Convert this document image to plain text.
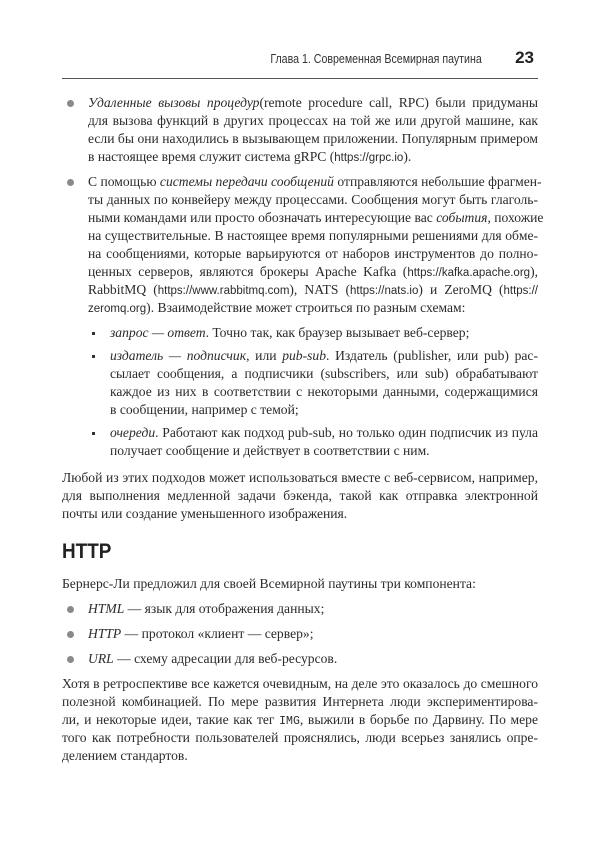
Глава 1. Современная Всемирная паутина 23
Удаленные вызовы процедур(remote procedure call, RPC) были придуманы
для вызова функций в других процессах на той же или другой машине, как
если бы они находились в вызывающем приложении. Популярным примером
в настоящее время служит система gRPC (https://grpc.io).
С помощью системы передачи сообщений отправляются небольшие фрагмен-
ты данных по конвейеру между процессами. Сообщения могут быть глаголь-
ными командами или просто обозначать интересующие вас события, похожие
на существительные. В настоящее время популярными решениями для обме-
на сообщениями, которые варьируются от наборов инструментов до полно-
ценных серверов, являются брокеры Apache Kafka (https://kafka.apache.org),
RabbitMQ (https://www.rabbitmq.com), NATS (https://nats.io) и ZeroMQ (https://
zeromq.org). Взаимодействие может строиться по разным схемам:
запрос — ответ. Точно так, как браузер вызывает веб-сервер;
издатель — подписчик, или pub-sub. Издатель (publisher, или pub) рас-
сылает сообщения, а подписчики (subscribers, или sub) обрабатывают
каждое из них в соответствии с некоторыми данными, содержащимися
в сообщении, например с темой;
очереди. Работают как подход pub-sub, но только один подписчик из пула
получает сообщение и действует в соответствии с ним.
Любой из этих подходов может использоваться вместе с веб-сервисом, например,
для выполнения медленной задачи бэкенда, такой как отправка электронной
почты или создание уменьшенного изображения.
HTTP
Бернерс-Ли предложил для своей Всемирной паутины три компонента:
HTML — язык для отображения данных;
HTTP — протокол «клиент — сервер»;
URL — схему адресации для веб-ресурсов.
Хотя в ретроспективе все кажется очевидным, на деле это оказалось до смешного
полезной комбинацией. По мере развития Интернета люди экспериментирова-
ли, и некоторые идеи, такие как тег IMG, выжили в борьбе по Дарвину. По мере
того как потребности пользователей прояснялись, люди всерьез занялись опре-
делением стандартов.
